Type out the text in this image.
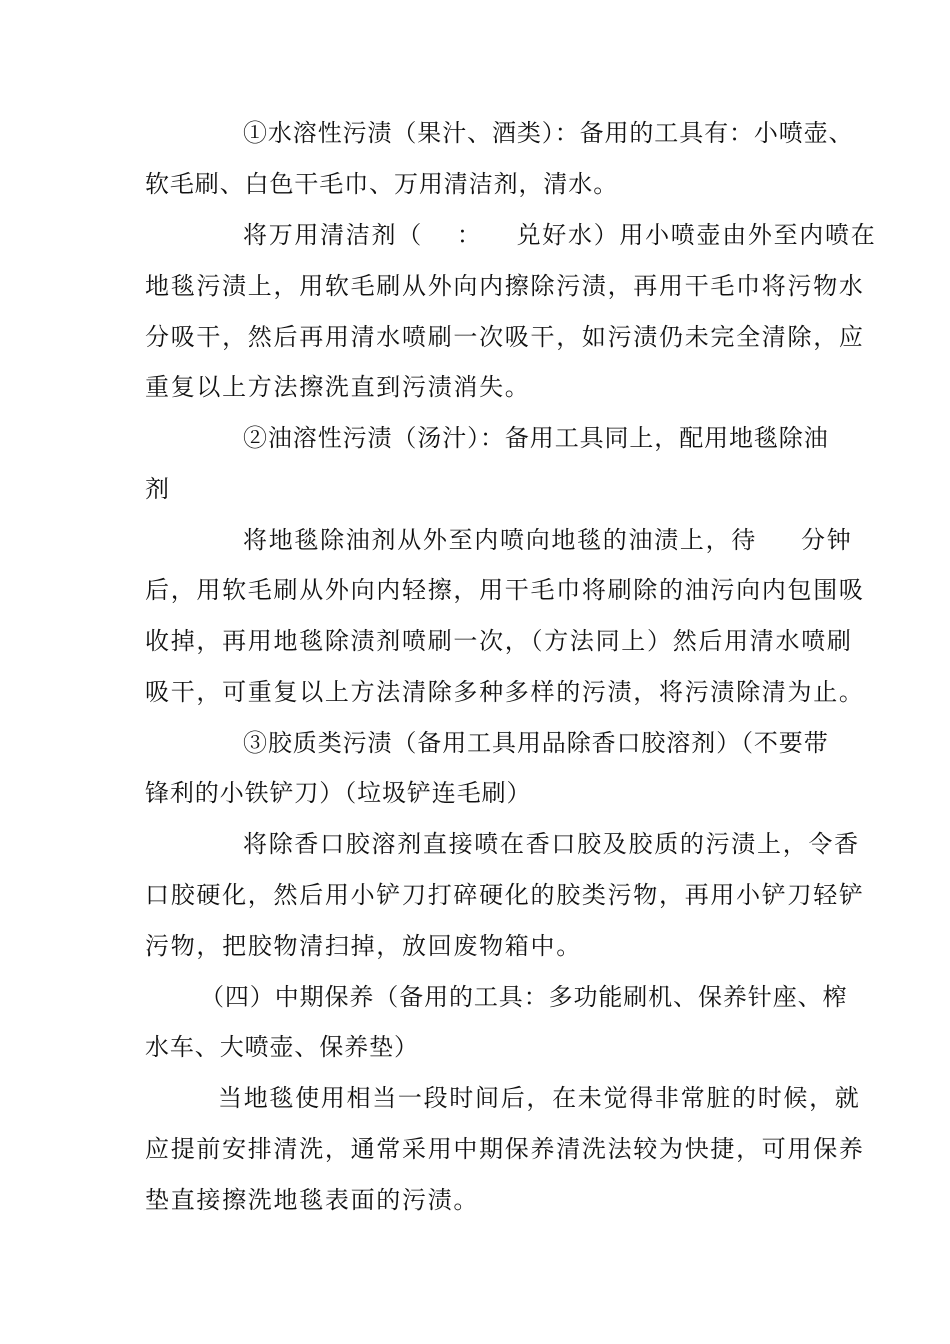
①水溶性污渍（果汁、酒类）：备用的工具有：小喷壶、
软毛刷、白色干毛巾、万用清洁剂，清水。
将万用清洁剂（ ： 兑好水）用小喷壶由外至内喷在
地毯污渍上，用软毛刷从外向内擦除污渍，再用干毛巾将污物水
分吸干，然后再用清水喷刷一次吸干，如污渍仍未完全清除，应
重复以上方法擦洗直到污渍消失。
②油溶性污渍（汤汁）：备用工具同上，配用地毯除油
剂
将地毯除油剂从外至内喷向地毯的油渍上，待 分钟
后，用软毛刷从外向内轻擦，用干毛巾将刷除的油污向内包围吸
收掉，再用地毯除渍剂喷刷一次，（方法同上）然后用清水喷刷
吸干，可重复以上方法清除多种多样的污渍，将污渍除清为止。
③胶质类污渍（备用工具用品除香口胶溶剂）（不要带
锋利的小铁铲刀）（垃圾铲连毛刷）
将除香口胶溶剂直接喷在香口胶及胶质的污渍上，令香
口胶硬化，然后用小铲刀打碎硬化的胶类污物，再用小铲刀轻铲
污物，把胶物清扫掉，放回废物箱中。
（四）中期保养（备用的工具：多功能刷机、保养针座、榨
水车、大喷壶、保养垫）
当地毯使用相当一段时间后，在未觉得非常脏的时候，就
应提前安排清洗，通常采用中期保养清洗法较为快捷，可用保养
垫直接擦洗地毯表面的污渍。
